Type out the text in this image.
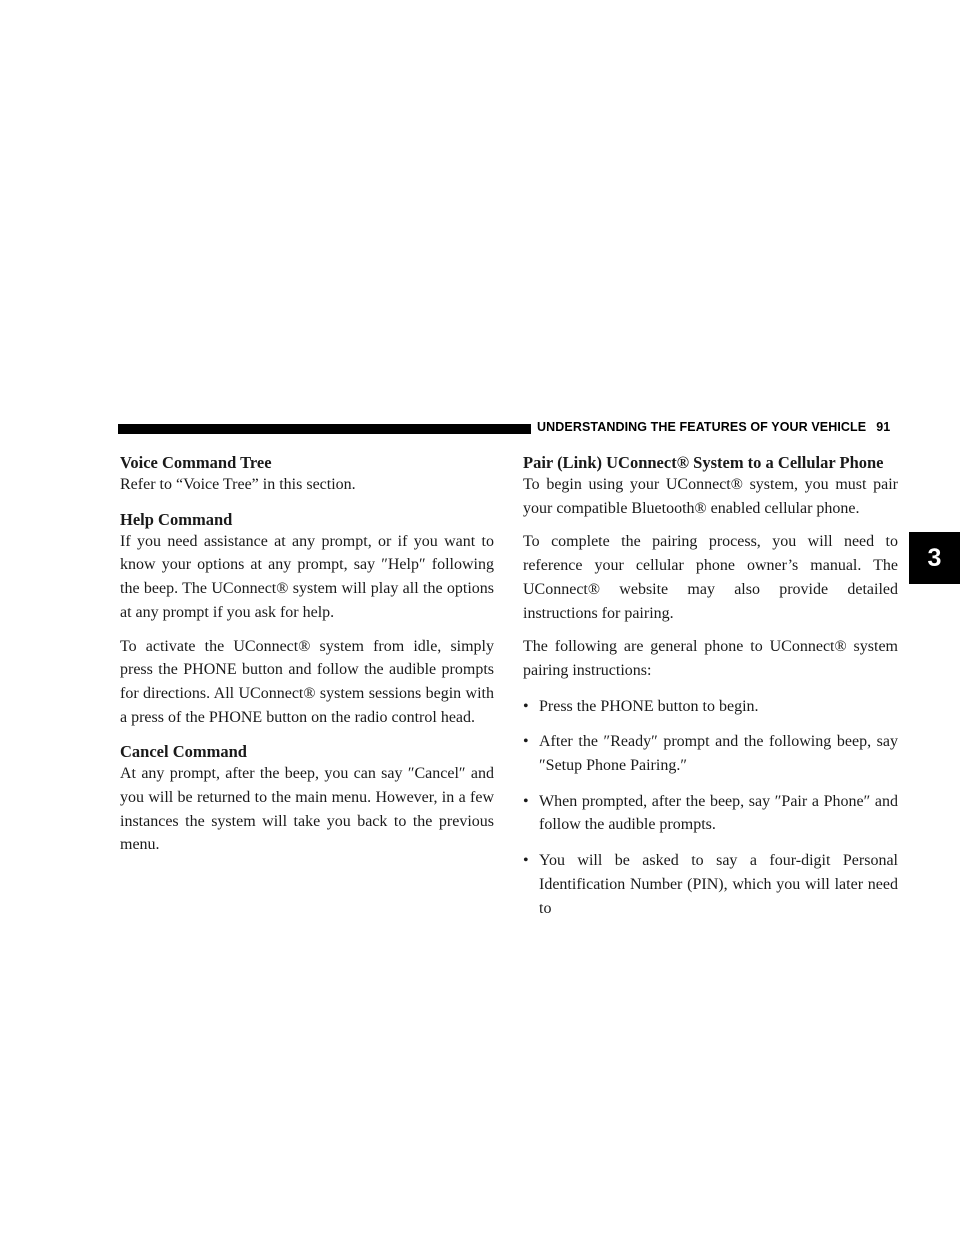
UNDERSTANDING THE FEATURES OF YOUR VEHICLE 91
3
Voice Command Tree

Refer to “Voice Tree” in this section.

Help Command

If you need assistance at any prompt, or if you want to know your options at any prompt, say ″Help″ following the beep. The UConnect® system will play all the options at any prompt if you ask for help.

To activate the UConnect® system from idle, simply press the PHONE button and follow the audible prompts for directions. All UConnect® system sessions begin with a press of the PHONE button on the radio control head.

Cancel Command

At any prompt, after the beep, you can say ″Cancel″ and you will be returned to the main menu. However, in a few instances the system will take you back to the previous menu.

Pair (Link) UConnect® System to a Cellular Phone

To begin using your UConnect® system, you must pair your compatible Bluetooth® enabled cellular phone.

To complete the pairing process, you will need to reference your cellular phone owner’s manual. The UConnect® website may also provide detailed instructions for pairing.

The following are general phone to UConnect® system pairing instructions:

• Press the PHONE button to begin.
• After the ″Ready″ prompt and the following beep, say ″Setup Phone Pairing.″
• When prompted, after the beep, say ″Pair a Phone″ and follow the audible prompts.
• You will be asked to say a four-digit Personal Identification Number (PIN), which you will later need to
